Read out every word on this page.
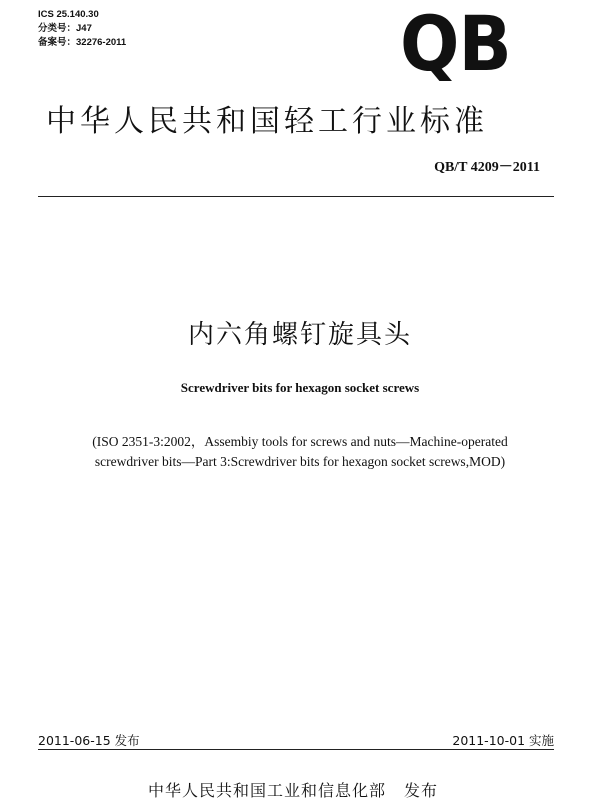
ICS 25.140.30
分类号：J47
备案号：32276-2011	QB
中华人民共和国轻工行业标准
QB/T 4209－2011
内六角螺钉旋具头
Screwdriver bits for hexagon socket screws
(ISO 2351-3:2002，Assembiy tools for screws and nuts—Machine-operated
screwdriver bits—Part 3:Screwdriver bits for hexagon socket screws,MOD)
2011-06-15 发布	2011-10-01 实施
中华人民共和国工业和信息化部 发布
